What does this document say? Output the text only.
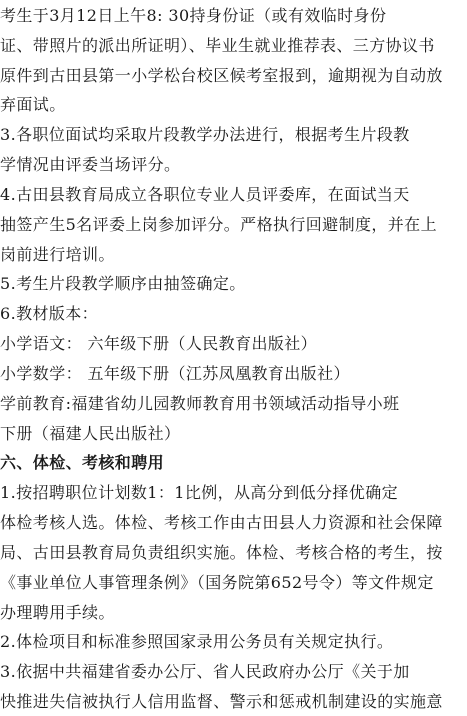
考生于3月12日上午8: 30持身份证（或有效临时身份
证、带照片的派出所证明）、毕业生就业推荐表、三方协议书
原件到古田县第一小学松台校区候考室报到，逾期视为自动放
弃面试。
3.各职位面试均采取片段教学办法进行，根据考生片段教
学情况由评委当场评分。
4.古田县教育局成立各职位专业人员评委库，在面试当天
抽签产生5名评委上岗参加评分。严格执行回避制度，并在上
岗前进行培训。
5.考生片段教学顺序由抽签确定。
6.教材版本：
小学语文： 六年级下册（人民教育出版社）
小学数学： 五年级下册（江苏凤凰教育出版社）
学前教育:福建省幼儿园教师教育用书领域活动指导小班
下册（福建人民出版社）
六、体检、考核和聘用
1.按招聘职位计划数1：1比例，从高分到低分择优确定
体检考核人选。体检、考核工作由古田县人力资源和社会保障
局、古田县教育局负责组织实施。体检、考核合格的考生，按
《事业单位人事管理条例》（国务院第652号令）等文件规定
办理聘用手续。
2.体检项目和标准参照国家录用公务员有关规定执行。
3.依据中共福建省委办公厅、省人民政府办公厅《关于加
快推进失信被执行人信用监督、警示和惩戒机制建设的实施意
